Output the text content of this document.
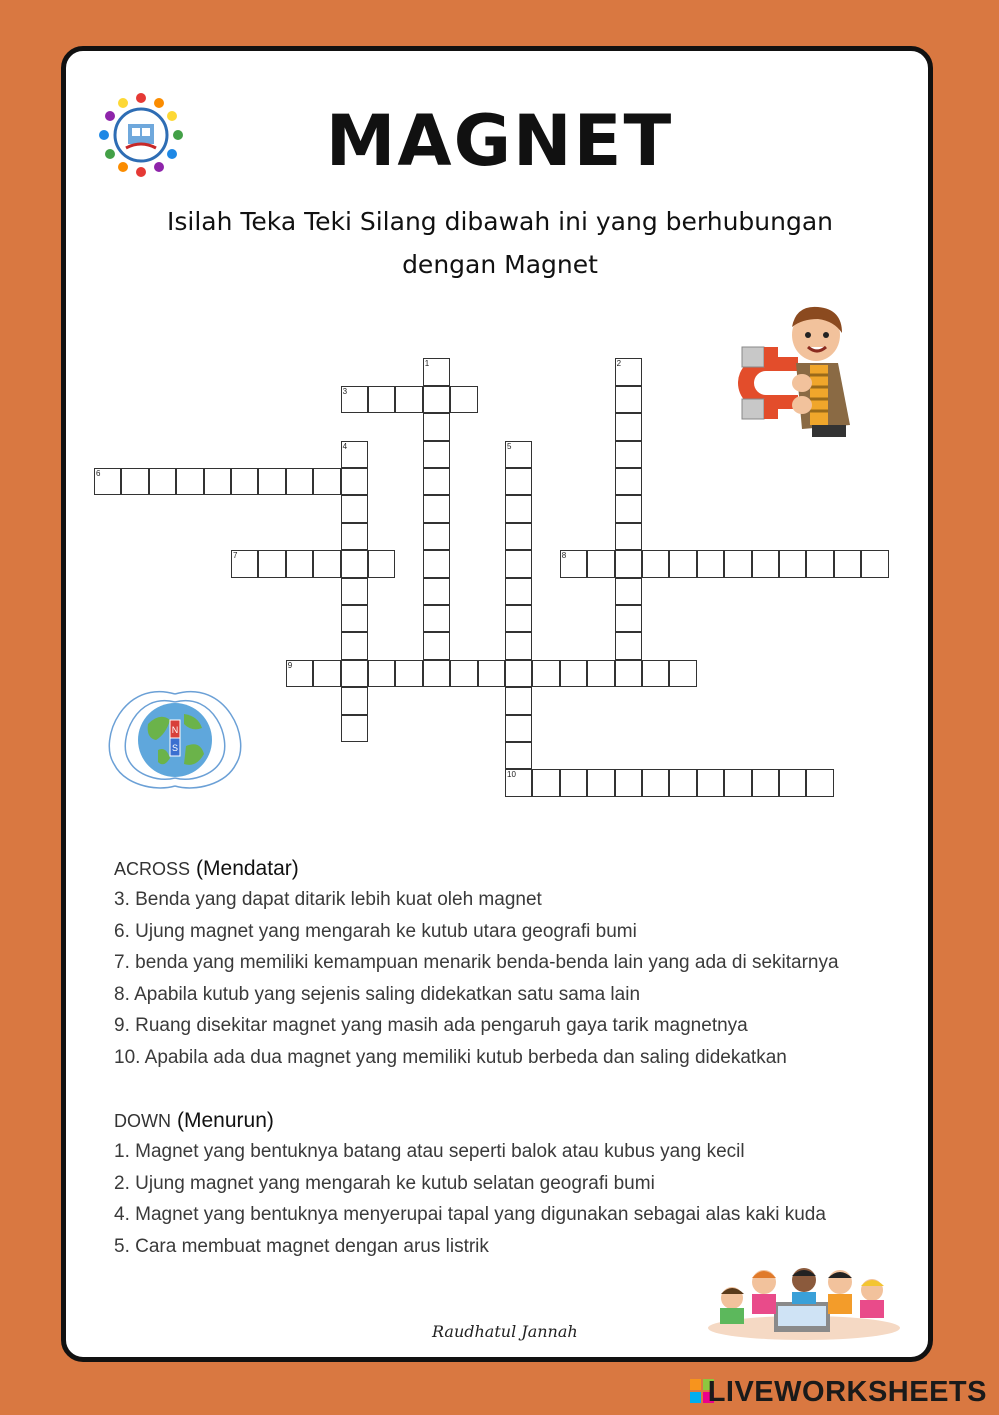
MAGNET
Isilah Teka Teki Silang dibawah ini yang berhubungan dengan Magnet
1	2
3
4	5
6
7	8
9
10
N
S

ACROSS (Mendatar)

3. Benda yang dapat ditarik lebih kuat oleh magnet

6. Ujung magnet yang mengarah ke kutub utara geografi bumi

7. benda yang memiliki kemampuan menarik benda-benda lain yang ada di sekitarnya

8. Apabila kutub yang sejenis saling didekatkan satu sama lain

9. Ruang disekitar magnet yang masih ada pengaruh gaya tarik magnetnya

10. Apabila ada dua magnet yang memiliki kutub berbeda dan saling didekatkan

DOWN (Menurun)

1. Magnet yang bentuknya batang atau seperti balok atau kubus yang kecil

2. Ujung magnet yang mengarah ke kutub selatan geografi bumi

4. Magnet yang bentuknya menyerupai tapal yang digunakan sebagai alas kaki kuda

5. Cara membuat magnet dengan arus listrik

Raudhatul Jannah
LIVEWORKSHEETS
